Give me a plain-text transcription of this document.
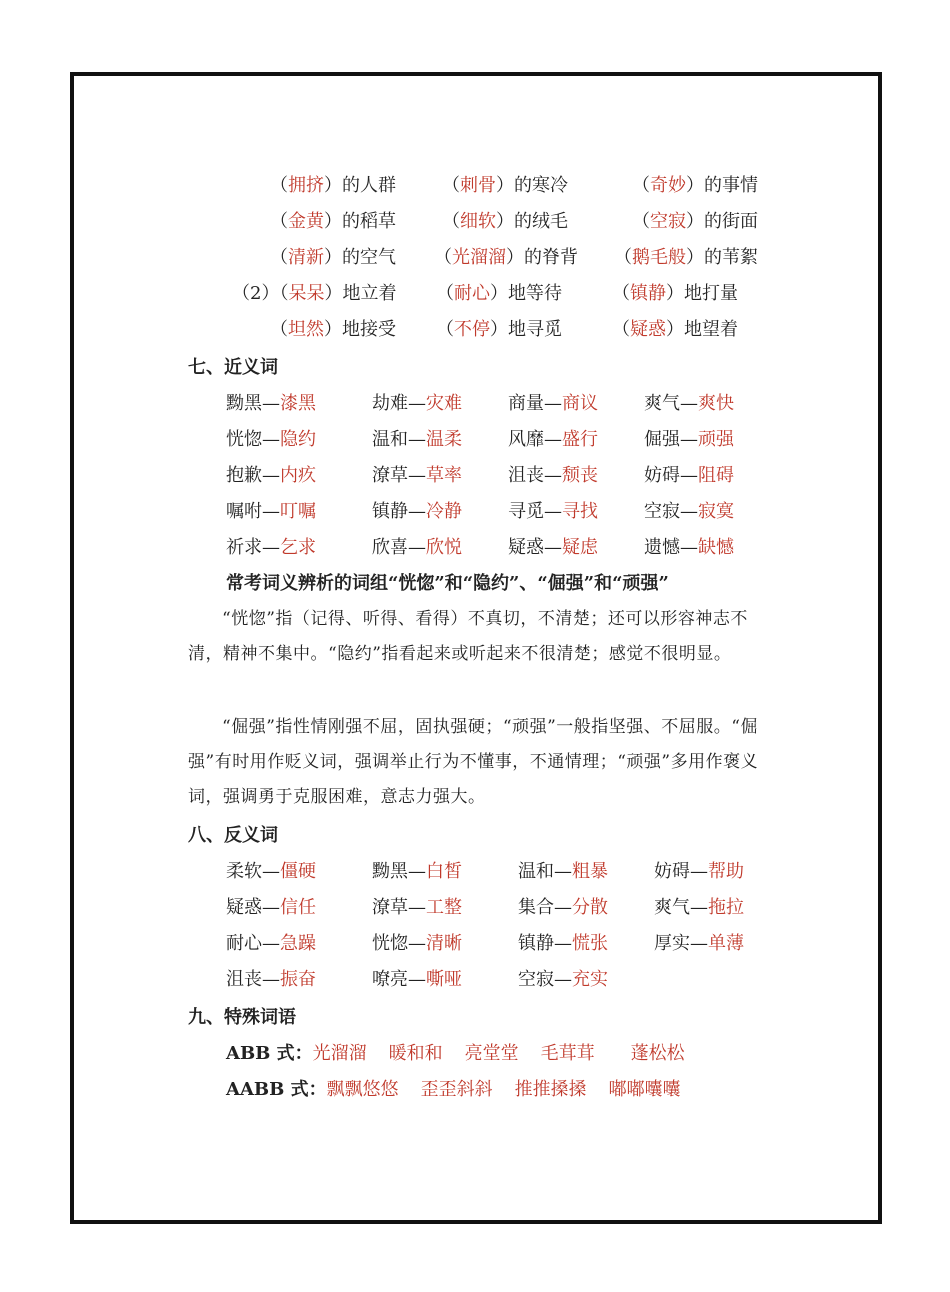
（拥挤）的人群	（刺骨）的寒冷	（奇妙）的事情
（金黄）的稻草	（细软）的绒毛	（空寂）的街面
（清新）的空气 （光溜溜）的脊背 （鹅毛般）的苇絮
（2）（呆呆）地立着 （耐心）地等待	（镇静）地打量
（坦然）地接受 （不停）地寻觅	（疑惑）地望着
七、近义词
黝黑—漆黑	劫难—灾难	商量—商议	爽气—爽快
恍惚—隐约	温和—温柔	风靡—盛行	倔强—顽强
抱歉—内疚	潦草—草率	沮丧—颓丧	妨碍—阻碍
嘱咐—叮嘱	镇静—冷静	寻觅—寻找	空寂—寂寞
祈求—乞求	欣喜—欣悦	疑惑—疑虑	遗憾—缺憾
常考词义辨析的词组“恍惚”和“隐约”、“倔强”和“顽强”
“恍惚”指（记得、听得、看得）不真切，不清楚；还可以形容神志不清，精神不集中。“隐约”指看起来或听起来不很清楚；感觉不很明显。
“倔强”指性情刚强不屈，固执强硬；“顽强”一般指坚强、不屈服。“倔强”有时用作贬义词，强调举止行为不懂事，不通情理；“顽强”多用作褒义词，强调勇于克服困难，意志力强大。
八、反义词
柔软—僵硬	黝黑—白皙	温和—粗暴	妨碍—帮助
疑惑—信任	潦草—工整	集合—分散	爽气—拖拉
耐心—急躁	恍惚—清晰	镇静—慌张	厚实—单薄
沮丧—振奋	嘹亮—嘶哑	空寂—充实
九、特殊词语
ABB 式：光溜溜 暖和和 亮堂堂 毛茸茸 蓬松松
AABB 式：飘飘悠悠 歪歪斜斜 推推搡搡 嘟嘟囔囔
